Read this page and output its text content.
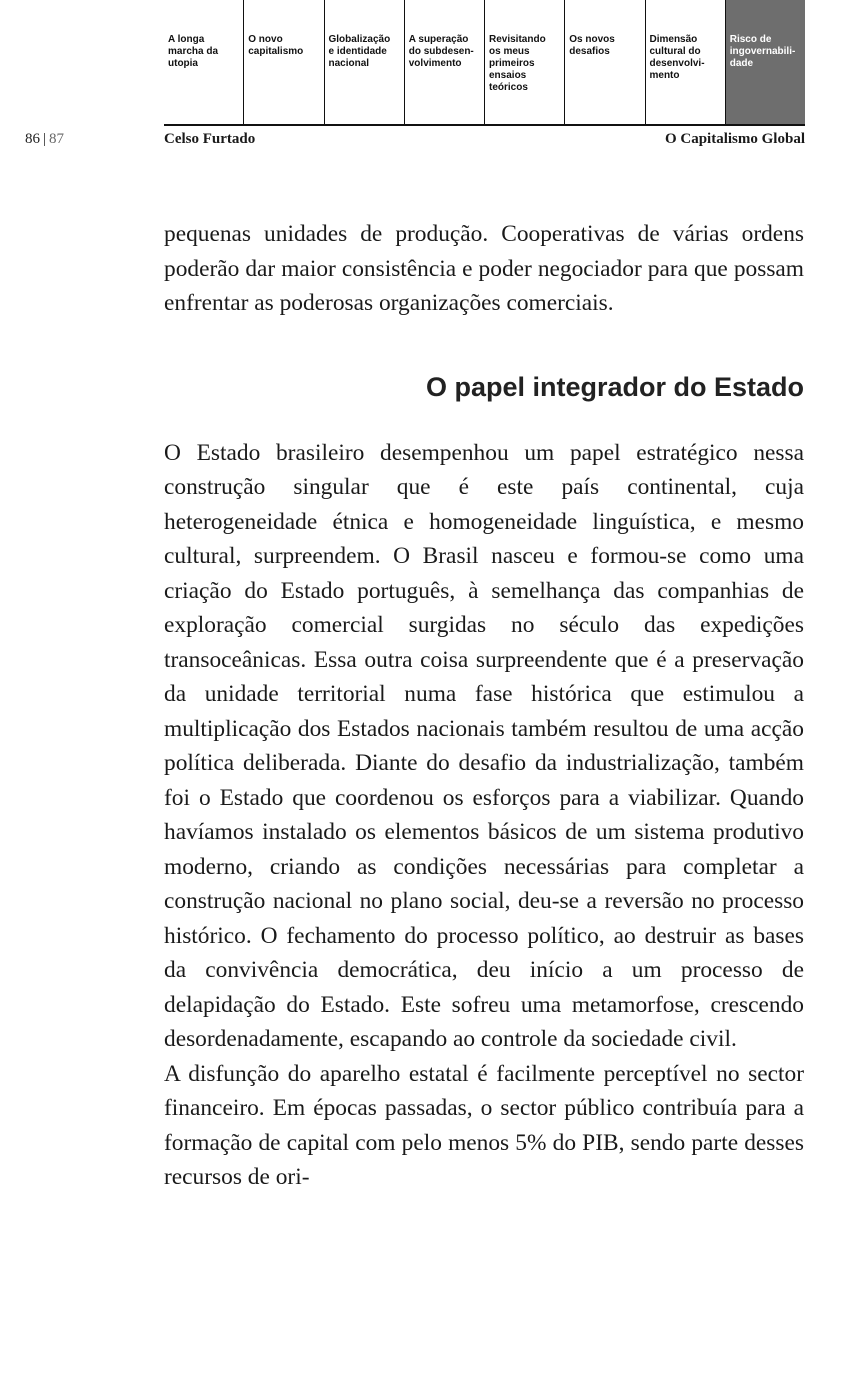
A longa
marcha da
utopia
O novo
capitalismo
Globalização
e identidade
nacional
A superação
do subdesen-
volvimento
Revisitando
os meus
primeiros
ensaios
teóricos
Os novos
desafios
Dimensão
cultural do
desenvolvi-
mento
Risco de
ingovernabili-
dade
86 | 87	Celso Furtado	O Capitalismo Global

pequenas unidades de produção. Cooperativas de várias ordens poderão dar maior consistência e poder negociador para que possam enfrentar as poderosas organizações comerciais.

O papel integrador do Estado

O Estado brasileiro desempenhou um papel estratégico nessa construção singular que é este país continental, cuja heterogeneidade étnica e homogeneidade linguística, e mesmo cultural, surpreendem. O Brasil nasceu e formou-se como uma criação do Estado português, à semelhança das companhias de exploração comercial surgidas no século das expedições transoceânicas. Essa outra coisa surpreendente que é a preservação da unidade territorial numa fase histórica que estimulou a multiplicação dos Estados nacionais também resultou de uma acção política deliberada. Diante do desafio da industrialização, também foi o Estado que coordenou os esforços para a viabilizar. Quando havíamos instalado os elementos básicos de um sistema produtivo moderno, criando as condições necessárias para completar a construção nacional no plano social, deu-se a reversão no processo histórico. O fechamento do processo político, ao destruir as bases da convivência democrática, deu início a um processo de delapidação do Estado. Este sofreu uma metamorfose, crescendo desordenadamente, escapando ao controle da sociedade civil.

A disfunção do aparelho estatal é facilmente perceptível no sector financeiro. Em épocas passadas, o sector público contribuía para a formação de capital com pelo menos 5% do PIB, sendo parte desses recursos de ori-
